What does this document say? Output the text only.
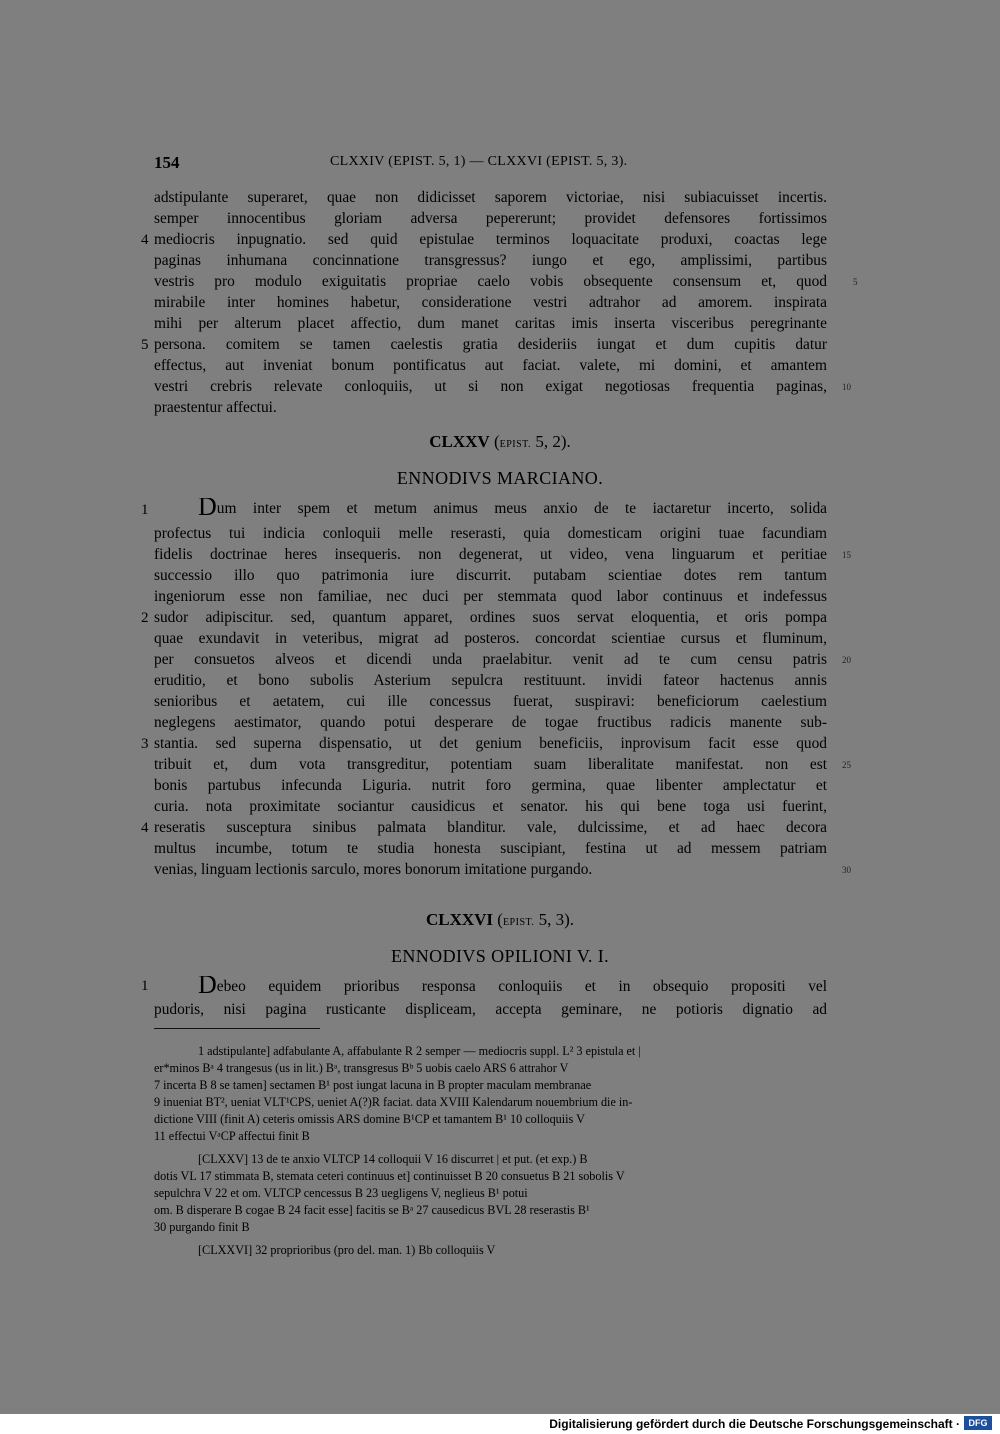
154	CLXXIV (EPIST. 5, 1) — CLXXVI (EPIST. 5, 3).
adstipulante superaret, quae non didicisset saporem victoriae, nisi subiacuisset incertis.
semper innocentibus gloriam adversa pepererunt; providet defensores fortissimos
mediocris inpugnatio. sed quid epistulae terminos loquacitate produxi, coactas lege
paginas inhumana concinnatione transgressus? iungo et ego, amplissimi, partibus
vestris pro modulo exiguitatis propriae caelo vobis obsequente consensum et, quod
mirabile inter homines habetur, consideratione vestri adtrahor ad amorem. inspirata
mihi per alterum placet affectio, dum manet caritas imis inserta visceribus peregrinante
persona. comitem se tamen caelestis gratia desideriis iungat et dum cupitis datur
effectus, aut inveniat bonum pontificatus aut faciat. valete, mi domini, et amantem
vestri crebris relevate conloquiis, ut si non exigat negotiosas frequentia paginas,
praestentur affectui.
4
5
5
10
CLXXV (EPIST. 5, 2).
ENNODIVS MARCIANO.
Dum inter spem et metum animus meus anxio de te iactaretur incerto, solida
profectus tui indicia conloquii melle reserasti, quia domesticam origini tuae facundiam
fidelis doctrinae heres insequeris. non degenerat, ut video, vena linguarum et peritiae
successio illo quo patrimonia iure discurrit. putabam scientiae dotes rem tantum
ingeniorum esse non familiae, nec duci per stemmata quod labor continuus et indefessus
sudor adipiscitur. sed, quantum apparet, ordines suos servat eloquentia, et oris pompa
quae exundavit in veteribus, migrat ad posteros. concordat scientiae cursus et fluminum,
per consuetos alveos et dicendi unda praelabitur. venit ad te cum censu patris
eruditio, et bono subolis Asterium sepulcra restituunt. invidi fateor hactenus annis
senioribus et aetatem, cui ille concessus fuerat, suspiravi: beneficiorum caelestium
neglegens aestimator, quando potui desperare de togae fructibus radicis manente sub-
stantia. sed superna dispensatio, ut det genium beneficiis, inprovisum facit esse quod
tribuit et, dum vota transgreditur, potentiam suam liberalitate manifestat. non est
bonis partubus infecunda Liguria. nutrit foro germina, quae libenter amplectatur et
curia. nota proximitate sociantur causidicus et senator. his qui bene toga usi fuerint,
reseratis susceptura sinibus palmata blanditur. vale, dulcissime, et ad haec decora
multus incumbe, totum te studia honesta suscipiant, festina ut ad messem patriam
venias, linguam lectionis sarculo, mores bonorum imitatione purgando.
1
2
3
4
15
20
25
30
CLXXVI (EPIST. 5, 3).
ENNODIVS OPILIONI V. I.
Debeo equidem prioribus responsa conloquiis et in obsequio propositi vel
pudoris, nisi pagina rusticante displiceam, accepta geminare, ne potioris dignatio ad
1
1 adstipulante] adfabulante A, affabulante R 2 semper — mediocris suppl. L² 3 epistula et |
er*minos Bᵃ 4 trangesus (us in lit.) Bᵃ, transgresus Bᵇ 5 uobis caelo ARS 6 attrahor V
7 incerta B 8 se tamen] sectamen B¹ post iungat lacuna in B propter maculam membranae
9 inueniat BT², ueniat VLT¹CPS, ueniet A(?)R faciat. data XVIII Kalendarum nouembrium die in-
dictione VIII (finit A) ceteris omissis ARS domine B¹CP et tamantem B¹ 10 colloquiis V
11 effectui VᵃCP affectui finit B
[CLXXV] 13 de te anxio VLTCP 14 colloquii V 16 discurret | et put. (et exp.) B
dotis VL 17 stimmata B, stemata ceteri continuus et] continuisset B 20 consuetus B 21 sobolis V
sepulchra V 22 et om. VLTCP cencessus B 23 uegligens V, neglieus B¹ potui
om. B disperare B cogae B 24 facit esse] facitis se Bᵃ 27 causedicus BVL 28 reserastis B¹
30 purgando finit B
[CLXXVI] 32 proprioribus (pro del. man. 1) Bb colloquiis V
Digitalisierung gefördert durch die Deutsche Forschungsgemeinschaft · DFG
